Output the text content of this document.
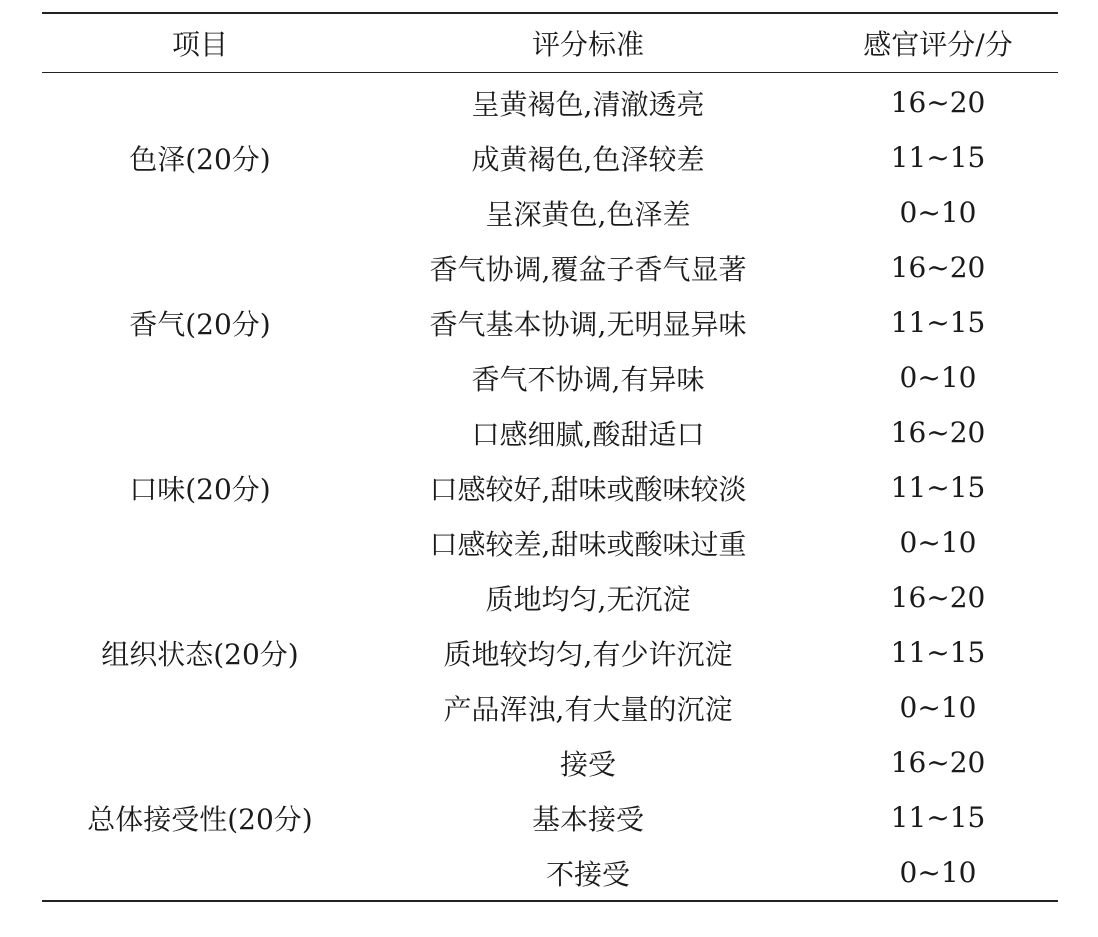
项目	评分标准	感官评分/分
色泽(20分)	呈黄褐色,清澈透亮	16~20
	成黄褐色,色泽较差	11~15
	呈深黄色,色泽差	0~10
香气(20分)	香气协调,覆盆子香气显著	16~20
	香气基本协调,无明显异味	11~15
	香气不协调,有异味	0~10
口味(20分)	口感细腻,酸甜适口	16~20
	口感较好,甜味或酸味较淡	11~15
	口感较差,甜味或酸味过重	0~10
组织状态(20分)	质地均匀,无沉淀	16~20
	质地较均匀,有少许沉淀	11~15
	产品浑浊,有大量的沉淀	0~10
总体接受性(20分)	接受	16~20
	基本接受	11~15
	不接受	0~10
